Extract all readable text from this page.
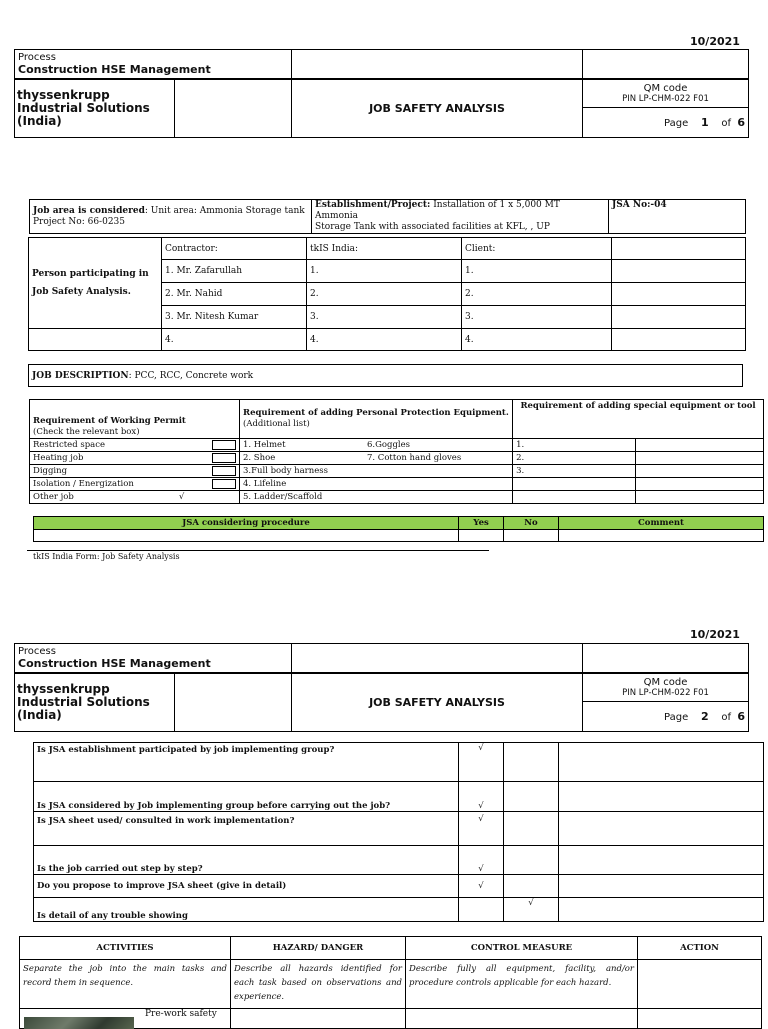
10/2021
Process
Construction HSE Management

thyssenkrupp
Industrial Solutions
(India)

	JOB SAFETY ANALYSIS	
QM code
PIN LP-CHM-022 F01

Page 1 of 6
Job area is considered: Unit area: Ammonia Storage tank
Project No: 66-0235	Establishment/Project: Installation of 1 x 5,000 MT Ammonia
Storage Tank with associated facilities at KFL, , UP	JSA No:-04
Person participating in
Job Safety Analysis.	Contractor:	tkIS India:	Client:	
	1. Mr. Zafarullah	1.	1.	
	2. Mr. Nahid	2.	2.	
	3. Mr. Nitesh Kumar	3.	3.	
	4.	4.	4.	
JOB DESCRIPTION: PCC, RCC, Concrete work
Requirement of Working Permit
(Check the relevant box)	Requirement of adding Personal Protection Equipment.
(Additional list)		Requirement of adding special equipment or tool	
Restricted space	1. Helmet	6.Goggles	1.	
Heating job	2. Shoe	7. Cotton hand gloves	2.	
Digging	3.Full body harness		3.	
Isolation / Energization	4. Lifeline			
Other job √	5. Ladder/Scaffold			
JSA considering procedure	Yes	No	Comment

tkIS India Form: Job Safety Analysis
10/2021
Process
Construction HSE Management

thyssenkrupp
Industrial Solutions
(India)

	JOB SAFETY ANALYSIS	
QM code
PIN LP-CHM-022 F01

Page 2 of 6
Is JSA establishment participated by job implementing group?	√		
Is JSA considered by Job implementing group before carrying out the job?	√		
Is JSA sheet used/ consulted in work implementation?	√		
Is the job carried out step by step?	√		
Do you propose to improve JSA sheet (give in detail)	√		
Is detail of any trouble showing		√	
ACTIVITIES	HAZARD/ DANGER	CONTROL MEASURE	ACTION
Separate the job into the main tasks and record them in sequence.	Describe all hazards identified for each task based on observations and experience.	Describe fully all equipment, facility, and/or procedure controls applicable for each hazard.	

Pre-work safety			
